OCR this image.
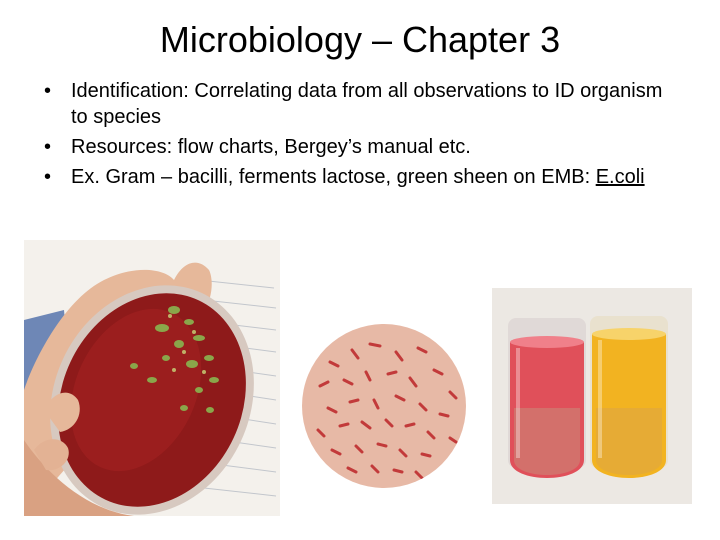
Microbiology – Chapter 3
• Identification: Correlating data from all observations to ID organism to species
• Resources: flow charts, Bergey’s manual etc.
• Ex. Gram – bacilli, ferments lactose, green sheen on EMB: E.coli
